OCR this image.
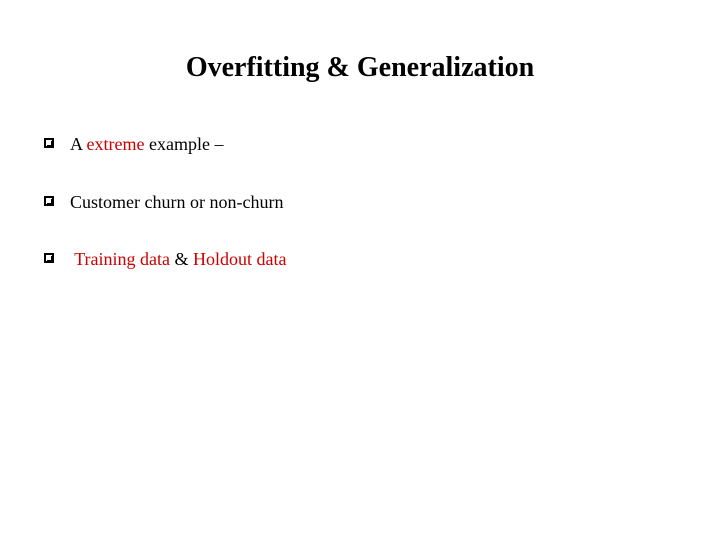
Overfitting & Generalization

A extreme example –

Customer churn or non-churn

Training data & Holdout data
